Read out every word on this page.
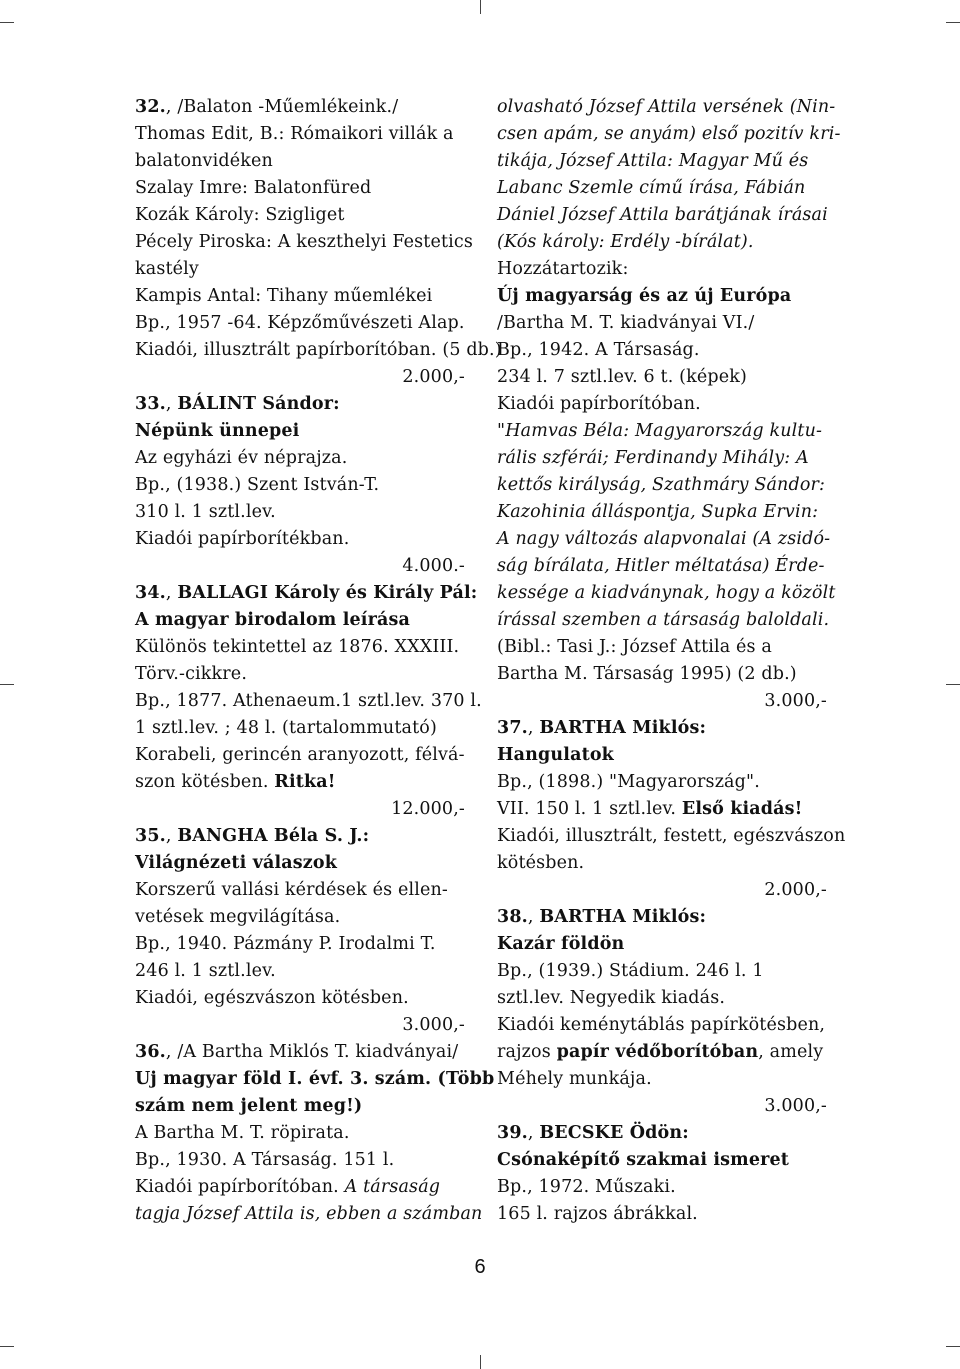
32., /Balaton -Műemlékeink./
Thomas Edit, B.: Rómaikori villák a
balatonvidéken
Szalay Imre: Balatonfüred
Kozák Károly: Szigliget
Pécely Piroska: A keszthelyi Festetics
kastély
Kampis Antal: Tihany műemlékei
Bp., 1957 -64. Képzőművészeti Alap.
Kiadói, illusztrált papírborítóban. (5 db.)
2.000,-
33., BÁLINT Sándor:
Népünk ünnepei
Az egyházi év néprajza.
Bp., (1938.) Szent István-T.
310 l. 1 sztl.lev.
Kiadói papírborítékban.
4.000.-
34., BALLAGI Károly és Király Pál:
A magyar birodalom leírása
Különös tekintettel az 1876. XXXIII.
Törv.-cikkre.
Bp., 1877. Athenaeum.1 sztl.lev. 370 l.
1 sztl.lev. ; 48 l. (tartalommutató)
Korabeli, gerincén aranyozott, félvá-
szon kötésben. Ritka!
12.000,-
35., BANGHA Béla S. J.:
Világnézeti válaszok
Korszerű vallási kérdések és ellen-
vetések megvilágítása.
Bp., 1940. Pázmány P. Irodalmi T.
246 l. 1 sztl.lev.
Kiadói, egészvászon kötésben.
3.000,-
36., /A Bartha Miklós T. kiadványai/
Uj magyar föld I. évf. 3. szám. (Több
szám nem jelent meg!)
A Bartha M. T. röpirata.
Bp., 1930. A Társaság. 151 l.
Kiadói papírborítóban. A társaság
tagja József Attila is, ebben a számban
olvasható József Attila versének (Nin-
csen apám, se anyám) első pozitív kri-
tikája, József Attila: Magyar Mű és
Labanc Szemle című írása, Fábián
Dániel József Attila barátjának írásai
(Kós károly: Erdély -bírálat).
Hozzátartozik:
Új magyarság és az új Európa
/Bartha M. T. kiadványai VI./
Bp., 1942. A Társaság.
234 l. 7 sztl.lev. 6 t. (képek)
Kiadói papírborítóban.
"Hamvas Béla: Magyarország kultu-
rális szférái; Ferdinandy Mihály: A
kettős királyság, Szathmáry Sándor:
Kazohinia álláspontja, Supka Ervin:
A nagy változás alapvonalai (A zsidó-
ság bírálata, Hitler méltatása) Érde-
kessége a kiadványnak, hogy a közölt
írással szemben a társaság baloldali.
(Bibl.: Tasi J.: József Attila és a
Bartha M. Társaság 1995) (2 db.)
3.000,-
37., BARTHA Miklós:
Hangulatok
Bp., (1898.) "Magyarország".
VII. 150 l. 1 sztl.lev. Első kiadás!
Kiadói, illusztrált, festett, egészvászon
kötésben.
2.000,-
38., BARTHA Miklós:
Kazár földön
Bp., (1939.) Stádium. 246 l. 1
sztl.lev. Negyedik kiadás.
Kiadói keménytáblás papírkötésben,
rajzos papír védőborítóban, amely
Méhely munkája.
3.000,-
39., BECSKE Ödön:
Csónaképítő szakmai ismeret
Bp., 1972. Műszaki.
165 l. rajzos ábrákkal.
6
